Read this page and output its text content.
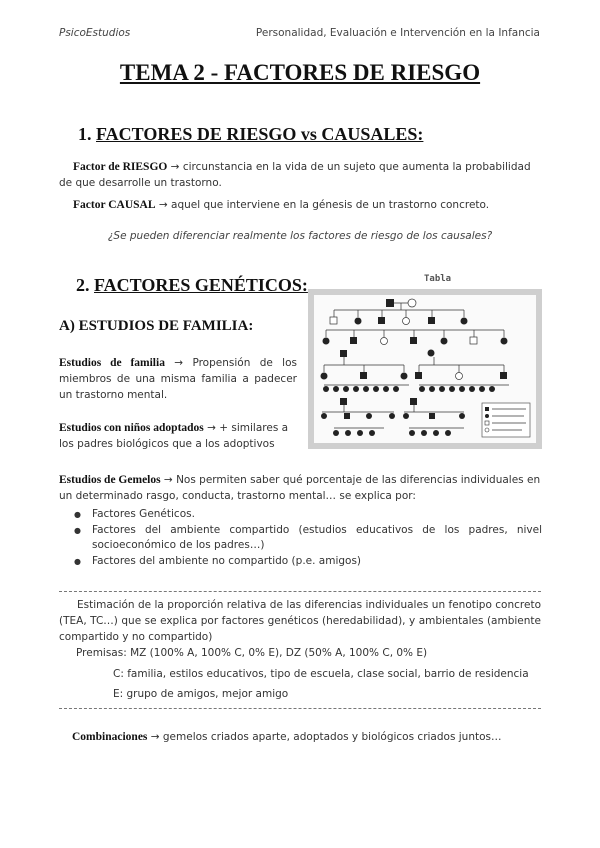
PsicoEstudios	Personalidad, Evaluación e Intervención en la Infancia
TEMA 2 - FACTORES DE RIESGO
1. FACTORES DE RIESGO vs CAUSALES:
Factor de RIESGO → circunstancia en la vida de un sujeto que aumenta la probabilidad de que desarrolle un trastorno.
Factor CAUSAL → aquel que interviene en la génesis de un trastorno concreto.
¿Se pueden diferenciar realmente los factores de riesgo de los causales?
2. FACTORES GENÉTICOS:
A) ESTUDIOS DE FAMILIA:
Tabla
Estudios de familia → Propensión de los miembros de una misma familia a padecer un trastorno mental.
Estudios con niños adoptados → + similares a los padres biológicos que a los adoptivos
Estudios de Gemelos → Nos permiten saber qué porcentaje de las diferencias individuales en un determinado rasgo, conducta, trastorno mental… se explica por:
● Factores Genéticos.
● Factores del ambiente compartido (estudios educativos de los padres, nivel socioeconómico de los padres…)
● Factores del ambiente no compartido (p.e. amigos)
Estimación de la proporción relativa de las diferencias individuales un fenotipo concreto (TEA, TC…) que se explica por factores genéticos (heredabilidad), y ambientales (ambiente compartido y no compartido)
Premisas: MZ (100% A, 100% C, 0% E), DZ (50% A, 100% C, 0% E)
C: familia, estilos educativos, tipo de escuela, clase social, barrio de residencia
E: grupo de amigos, mejor amigo
Combinaciones → gemelos criados aparte, adoptados y biológicos criados juntos…
